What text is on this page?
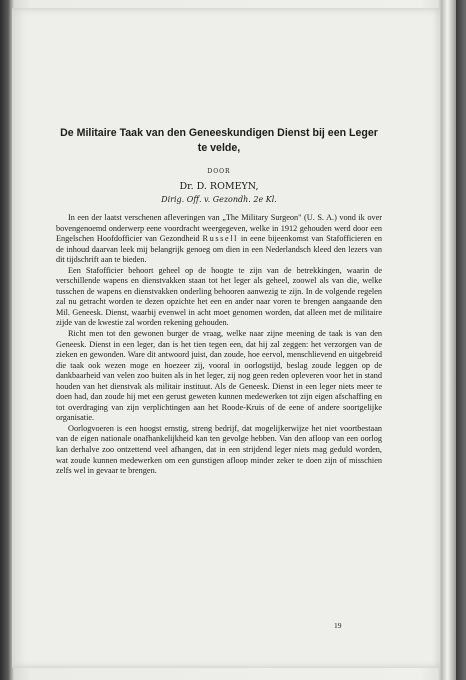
De Militaire Taak van den Geneeskundigen Dienst bij een Leger te velde,
DOOR
Dr. D. ROMEYN,
Dirig. Off. v. Gezondh. 2e Kl.

In een der laatst verschenen afleveringen van „The Military Surgeon" (U. S. A.) vond ik over bovengenoemd onderwerp eene voordracht weergegeven, welke in 1912 gehouden werd door een Engelschen Hoofdofficier van Gezondheid Russell in eene bijeenkomst van Stafofficieren en de inhoud daarvan leek mij belangrijk genoeg om dien in een Nederlandsch kleed den lezers van dit tijdschrift aan te bieden.

Een Stafofficier behoort geheel op de hoogte te zijn van de betrekkingen, waarin de verschillende wapens en dienstvakken staan tot het leger als geheel, zoowel als van die, welke tusschen de wapens en dienstvakken onderling behooren aanwezig te zijn. In de volgende regelen zal nu getracht worden te dezen opzichte het een en ander naar voren te brengen aangaande den Mil. Geneesk. Dienst, waarbij evenwel in acht moet genomen worden, dat alleen met de militaire zijde van de kwestie zal worden rekening gehouden.

Richt men tot den gewonen burger de vraag, welke naar zijne meening de taak is van den Geneesk. Dienst in een leger, dan is het tien tegen een, dat hij zal zeggen: het verzorgen van de zieken en gewonden. Ware dit antwoord juist, dan zoude, hoe eervol, menschlievend en uitgebreid die taak ook wezen moge en hoezeer zij, vooral in oorlogstijd, beslag zoude leggen op de dankbaarheid van velen zoo buiten als in het leger, zij nog geen reden opleveren voor het in stand houden van het dienstvak als militair instituut. Als de Geneesk. Dienst in een leger niets meer te doen had, dan zoude hij met een gerust geweten kunnen medewerken tot zijn eigen afschaffing en tot overdraging van zijn verplichtingen aan het Roode-Kruis of de eene of andere soortgelijke organisatie.

Oorlogvoeren is een hoogst ernstig, streng bedrijf, dat mogelijkerwijze het niet voortbestaan van de eigen nationale onafhankelijkheid kan ten gevolge hebben. Van den afloop van een oorlog kan derhalve zoo ontzettend veel afhangen, dat in een strijdend leger niets mag geduld worden, wat zoude kunnen medewerken om een gunstigen afloop minder zeker te doen zijn of misschien zelfs wel in gevaar te brengen.

19
